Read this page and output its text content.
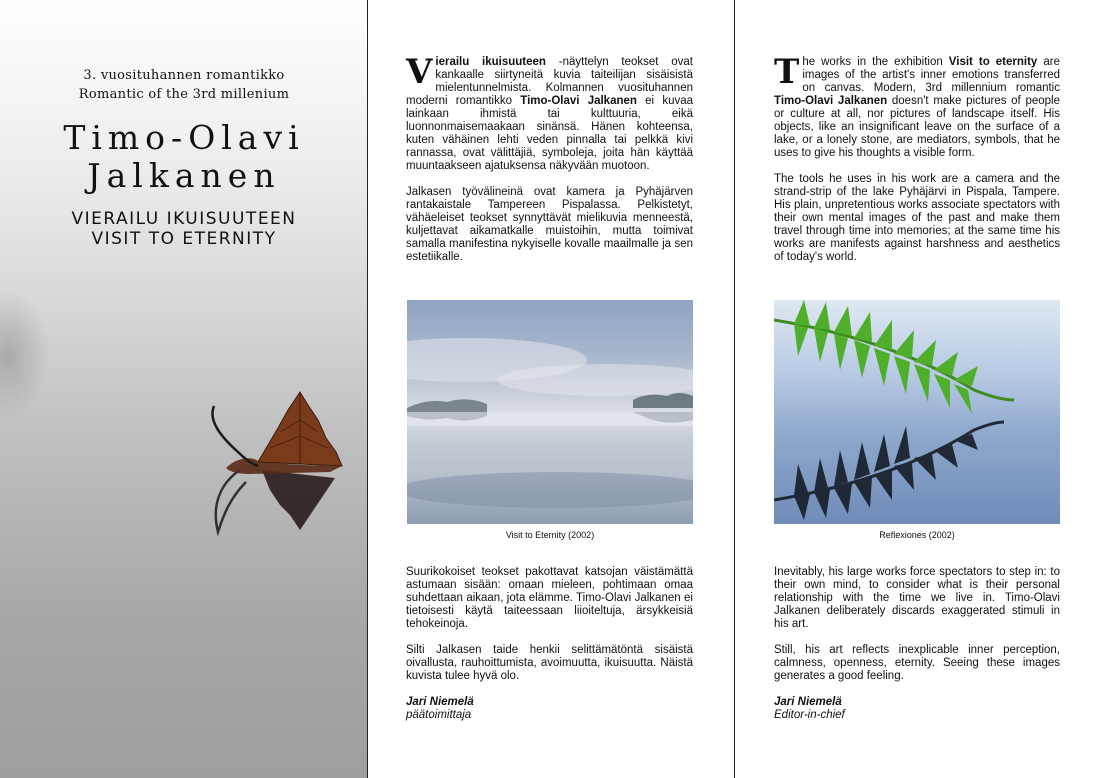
3. vuosituhannen romantikko
Romantic of the 3rd millenium
Timo-Olavi
Jalkanen
VIERAILU IKUISUUTEEN
VISIT TO ETERNITY

Vierailu ikuisuuteen -näyttelyn teokset ovat kankaalle siirtyneitä kuvia taiteilijan sisäisistä mielentunnelmista. Kolmannen vuosituhannen moderni romantikko Timo-Olavi Jalkanen ei kuvaa lainkaan ihmistä tai kulttuuria, eikä luonnonmaisemaakaan sinänsä. Hänen kohteensa, kuten vähäinen lehti veden pinnalla tai pelkkä kivi rannassa, ovat välittäjiä, symboleja, joita hän käyttää muuntaakseen ajatuksensa näkyvään muotoon.

Jalkasen työvälineinä ovat kamera ja Pyhäjärven rantakaistale Tampereen Pispalassa. Pelkistetyt, vähäeleiset teokset synnyttävät mielikuvia menneestä, kuljettavat aikamatkalle muistoihin, mutta toimivat samalla manifestina nykyiselle kovalle maailmalle ja sen estetiikalle.

Visit to Eternity (2002)

Suurikokoiset teokset pakottavat katsojan väistämättä astumaan sisään: omaan mieleen, pohtimaan omaa suhdettaan aikaan, jota elämme. Timo-Olavi Jalkanen ei tietoisesti käytä taiteessaan liioiteltuja, ärsykkeisiä tehokeinoja.

Silti Jalkasen taide henkii selittämätöntä sisäistä oivallusta, rauhoittumista, avoimuutta, ikuisuutta. Näistä kuvista tulee hyvä olo.

Jari Niemelä
päätoimittaja

The works in the exhibition Visit to eternity are images of the artist's inner emotions transferred on canvas. Modern, 3rd millennium romantic Timo-Olavi Jalkanen doesn't make pictures of people or culture at all, nor pictures of landscape itself. His objects, like an insignificant leave on the surface of a lake, or a lonely stone, are mediators, symbols, that he uses to give his thoughts a visible form.

The tools he uses in his work are a camera and the strand-strip of the lake Pyhäjärvi in Pispala, Tampere. His plain, unpretentious works associate spectators with their own mental images of the past and make them travel through time into memories; at the same time his works are manifests against harshness and aesthetics of today's world.

Reflexiones (2002)

Inevitably, his large works force spectators to step in: to their own mind, to consider what is their personal relationship with the time we live in. Timo-Olavi Jalkanen deliberately discards exaggerated stimuli in his art.

Still, his art reflects inexplicable inner perception, calmness, openness, eternity. Seeing these images generates a good feeling.

Jari Niemelä
Editor-in-chief
